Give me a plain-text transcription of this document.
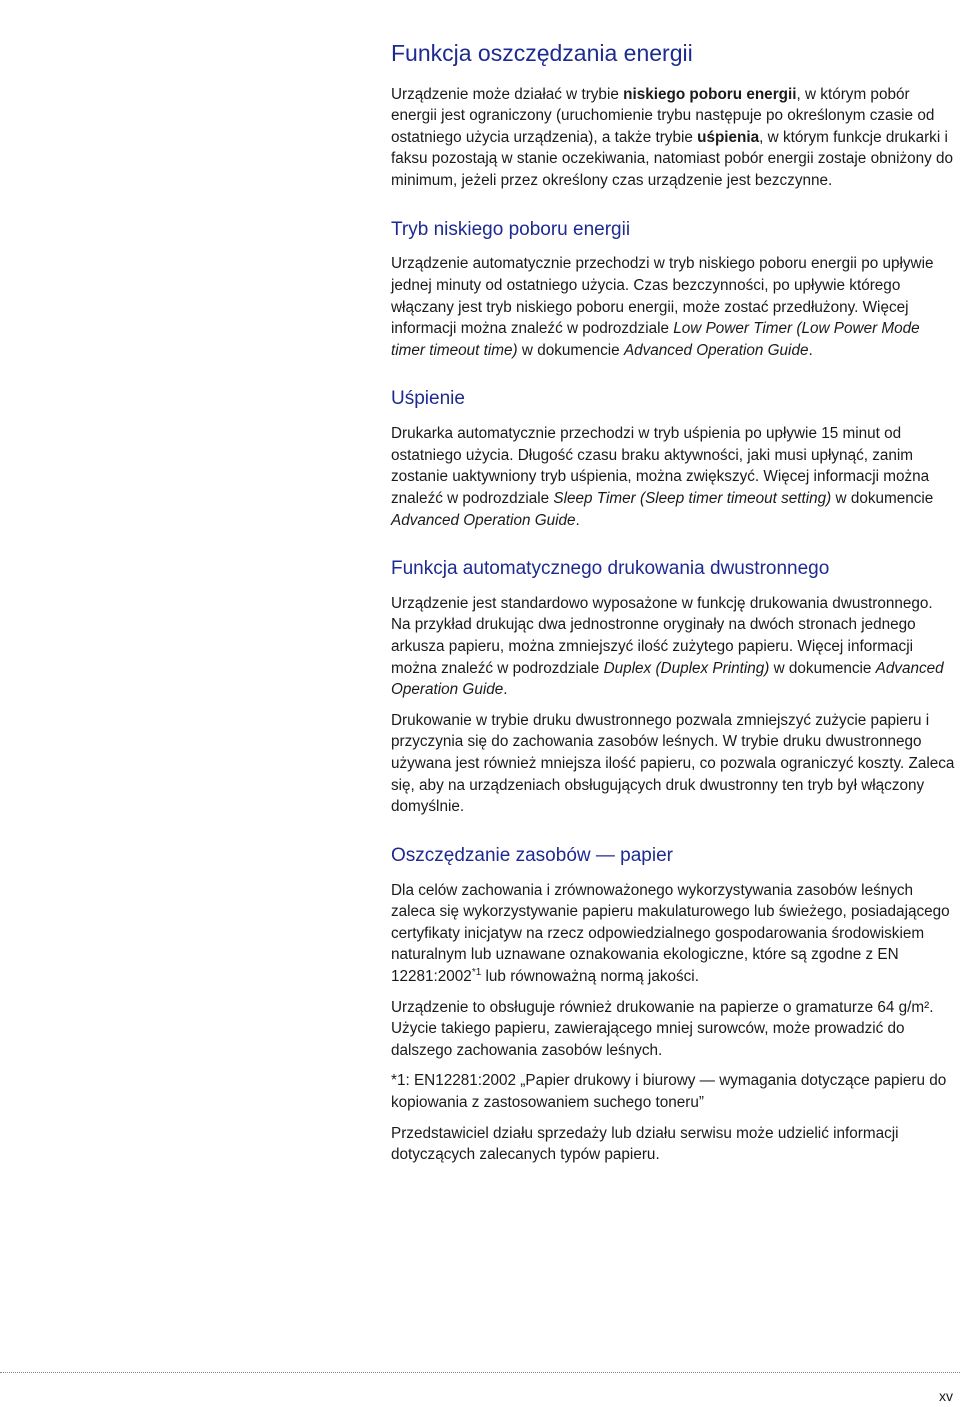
Funkcja oszczędzania energii

Urządzenie może działać w trybie niskiego poboru energii, w którym pobór energii jest ograniczony (uruchomienie trybu następuje po określonym czasie od ostatniego użycia urządzenia), a także trybie uśpienia, w którym funkcje drukarki i faksu pozostają w stanie oczekiwania, natomiast pobór energii zostaje obniżony do minimum, jeżeli przez określony czas urządzenie jest bezczynne.

Tryb niskiego poboru energii

Urządzenie automatycznie przechodzi w tryb niskiego poboru energii po upływie jednej minuty od ostatniego użycia. Czas bezczynności, po upływie którego włączany jest tryb niskiego poboru energii, może zostać przedłużony. Więcej informacji można znaleźć w podrozdziale Low Power Timer (Low Power Mode timer timeout time) w dokumencie Advanced Operation Guide.

Uśpienie

Drukarka automatycznie przechodzi w tryb uśpienia po upływie 15 minut od ostatniego użycia. Długość czasu braku aktywności, jaki musi upłynąć, zanim zostanie uaktywniony tryb uśpienia, można zwiększyć. Więcej informacji można znaleźć w podrozdziale Sleep Timer (Sleep timer timeout setting) w dokumencie Advanced Operation Guide.

Funkcja automatycznego drukowania dwustronnego

Urządzenie jest standardowo wyposażone w funkcję drukowania dwustronnego. Na przykład drukując dwa jednostronne oryginały na dwóch stronach jednego arkusza papieru, można zmniejszyć ilość zużytego papieru. Więcej informacji można znaleźć w podrozdziale Duplex (Duplex Printing) w dokumencie Advanced Operation Guide.

Drukowanie w trybie druku dwustronnego pozwala zmniejszyć zużycie papieru i przyczynia się do zachowania zasobów leśnych. W trybie druku dwustronnego używana jest również mniejsza ilość papieru, co pozwala ograniczyć koszty. Zaleca się, aby na urządzeniach obsługujących druk dwustronny ten tryb był włączony domyślnie.

Oszczędzanie zasobów — papier

Dla celów zachowania i zrównoważonego wykorzystywania zasobów leśnych zaleca się wykorzystywanie papieru makulaturowego lub świeżego, posiadającego certyfikaty inicjatyw na rzecz odpowiedzialnego gospodarowania środowiskiem naturalnym lub uznawane oznakowania ekologiczne, które są zgodne z EN 12281:2002$^{*1}$ lub równoważną normą jakości.

Urządzenie to obsługuje również drukowanie na papierze o gramaturze 64 g/m². Użycie takiego papieru, zawierającego mniej surowców, może prowadzić do dalszego zachowania zasobów leśnych.

*1: EN12281:2002 „Papier drukowy i biurowy — wymagania dotyczące papieru do kopiowania z zastosowaniem suchego toneru”

Przedstawiciel działu sprzedaży lub działu serwisu może udzielić informacji dotyczących zalecanych typów papieru.

xv
